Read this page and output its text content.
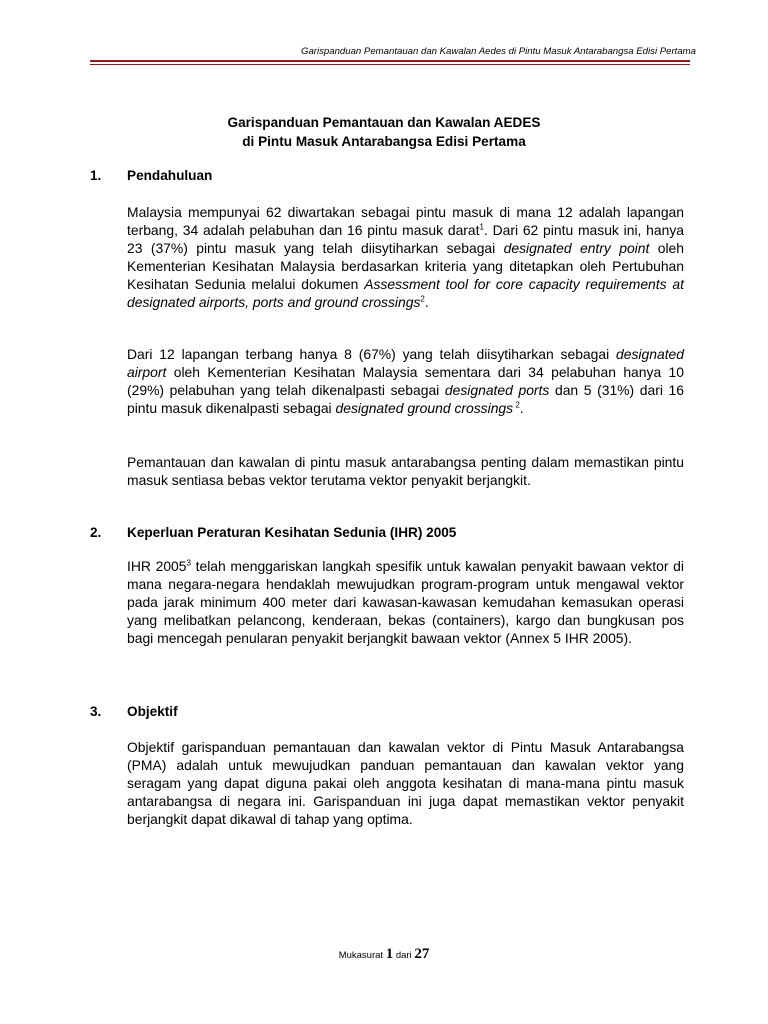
Garispanduan Pemantauan dan Kawalan Aedes di Pintu Masuk Antarabangsa Edisi Pertama
Garispanduan Pemantauan dan Kawalan AEDES
di Pintu Masuk Antarabangsa Edisi Pertama
1. Pendahuluan
Malaysia mempunyai 62 diwartakan sebagai pintu masuk di mana 12 adalah lapangan terbang, 34 adalah pelabuhan dan 16 pintu masuk darat$^1$. Dari 62 pintu masuk ini, hanya 23 (37%) pintu masuk yang telah diisytiharkan sebagai designated entry point oleh Kementerian Kesihatan Malaysia berdasarkan kriteria yang ditetapkan oleh Pertubuhan Kesihatan Sedunia melalui dokumen Assessment tool for core capacity requirements at designated airports, ports and ground crossings$^2$.
Dari 12 lapangan terbang hanya 8 (67%) yang telah diisytiharkan sebagai designated airport oleh Kementerian Kesihatan Malaysia sementara dari 34 pelabuhan hanya 10 (29%) pelabuhan yang telah dikenalpasti sebagai designated ports dan 5 (31%) dari 16 pintu masuk dikenalpasti sebagai designated ground crossings $^2$.
Pemantauan dan kawalan di pintu masuk antarabangsa penting dalam memastikan pintu masuk sentiasa bebas vektor terutama vektor penyakit berjangkit.
2. Keperluan Peraturan Kesihatan Sedunia (IHR) 2005
IHR 2005$^3$ telah menggariskan langkah spesifik untuk kawalan penyakit bawaan vektor di mana negara-negara hendaklah mewujudkan program-program untuk mengawal vektor pada jarak minimum 400 meter dari kawasan-kawasan kemudahan kemasukan operasi yang melibatkan pelancong, kenderaan, bekas (containers), kargo dan bungkusan pos bagi mencegah penularan penyakit berjangkit bawaan vektor (Annex 5 IHR 2005).
3. Objektif
Objektif garispanduan pemantauan dan kawalan vektor di Pintu Masuk Antarabangsa (PMA) adalah untuk mewujudkan panduan pemantauan dan kawalan vektor yang seragam yang dapat diguna pakai oleh anggota kesihatan di mana-mana pintu masuk antarabangsa di negara ini. Garispanduan ini juga dapat memastikan vektor penyakit berjangkit dapat dikawal di tahap yang optima.
Mukasurat 1 dari 27
